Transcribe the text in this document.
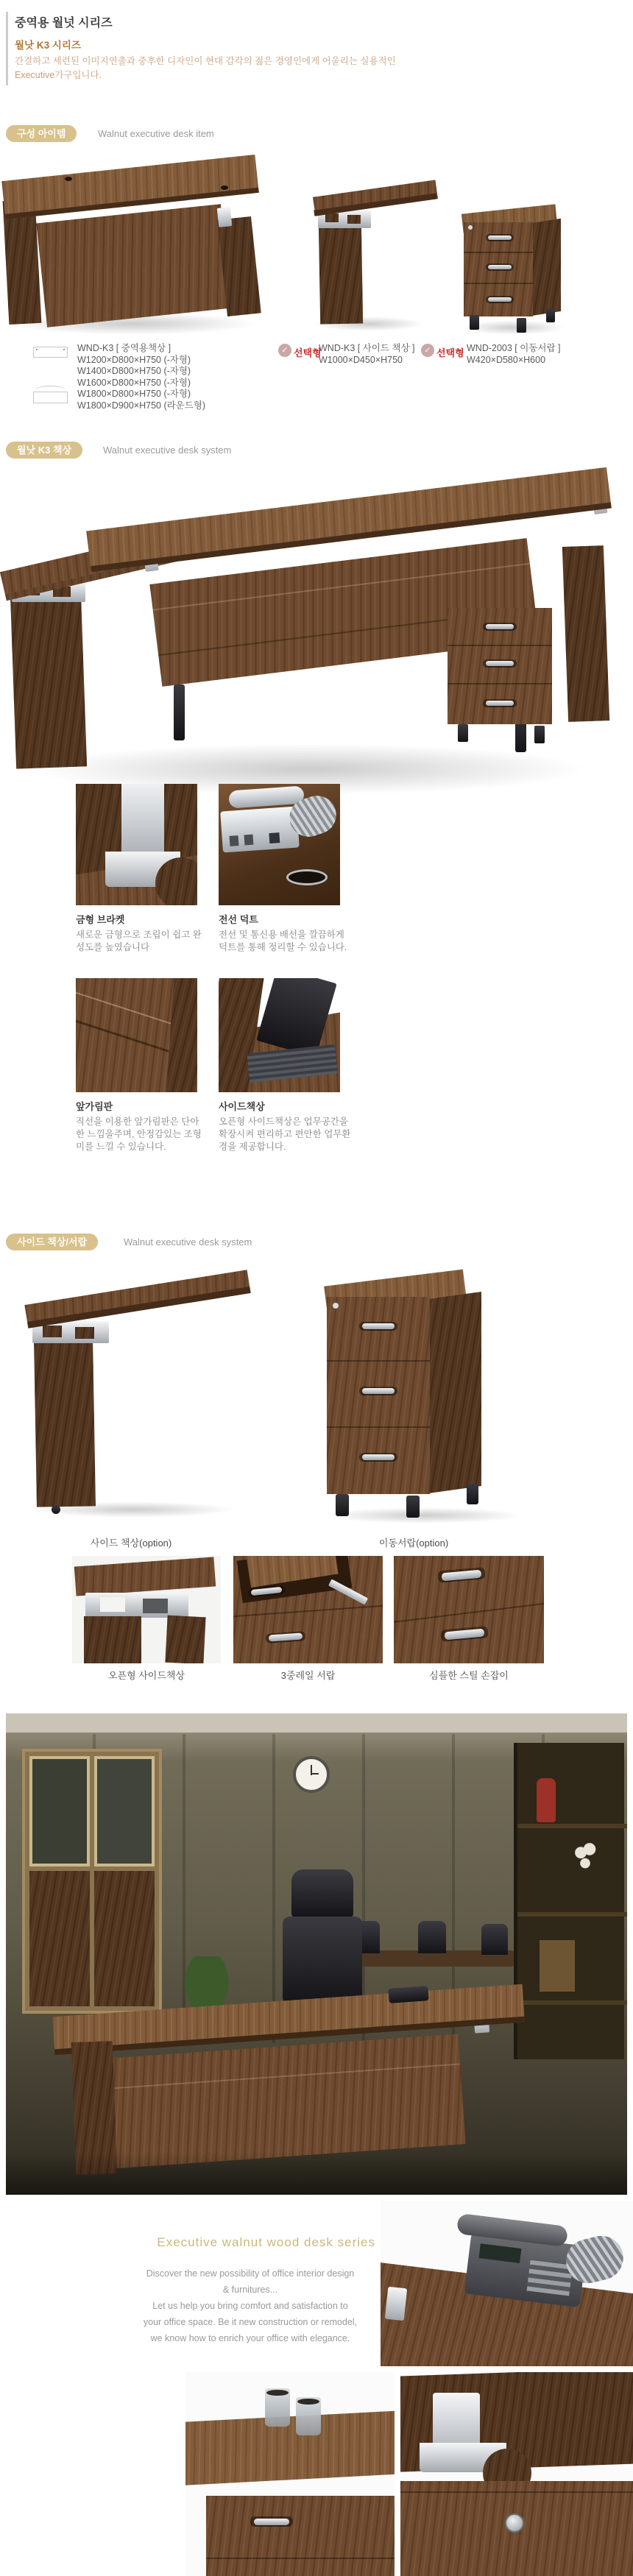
중역용 월넛 시리즈
월낫 K3 시리즈
간결하고 세련된 이미지연출과 중후한 디자인이 현대 감각의 젊은 경영인에게 어울리는 실용적인
Executive가구입니다.
구성 아이템	Walnut executive desk item
WND-K3 [ 중역용책상 ]
W1200×D800×H750 (-자형)
W1400×D800×H750 (-자형)
W1600×D800×H750 (-자형)
W1800×D800×H750 (-자형)
W1800×D900×H750 (라운드형)
✓ 선택형
WND-K3 [ 사이드 책상 ]
W1000×D450×H750
✓ 선택형 WND-2003 [ 이동서랍 ]
W420×D580×H600
월낫 K3 책상	Walnut executive desk system
금형 브라켓
새로운 금형으로 조립이 쉽고 완성도를 높였습니다
전선 덕트
전선 및 통신용 배선을 깔끔하게 덕트를 통해 정리할 수 있습니다.
앞가림판
직선을 이용한 앞가림판은 단아한 느낌을주며, 안정감있는 조형미를 느낄 수 있습니다.
사이드책상
오픈형 사이드책상은 업무공간을 확장시켜 편리하고 편안한 업무환경을 제공합니다.
사이드 책상/서랍	Walnut executive desk system
사이드 책상(option)	이동서랍(option)
오픈형 사이드책상	3중레일 서랍	심플한 스틸 손잡이
Executive walnut wood desk series
Discover the new possibility of office interior design
& furnitures...
Let us help you bring comfort and satisfaction to
your office space. Be it new construction or remodel,
we know how to enrich your office with elegance.
